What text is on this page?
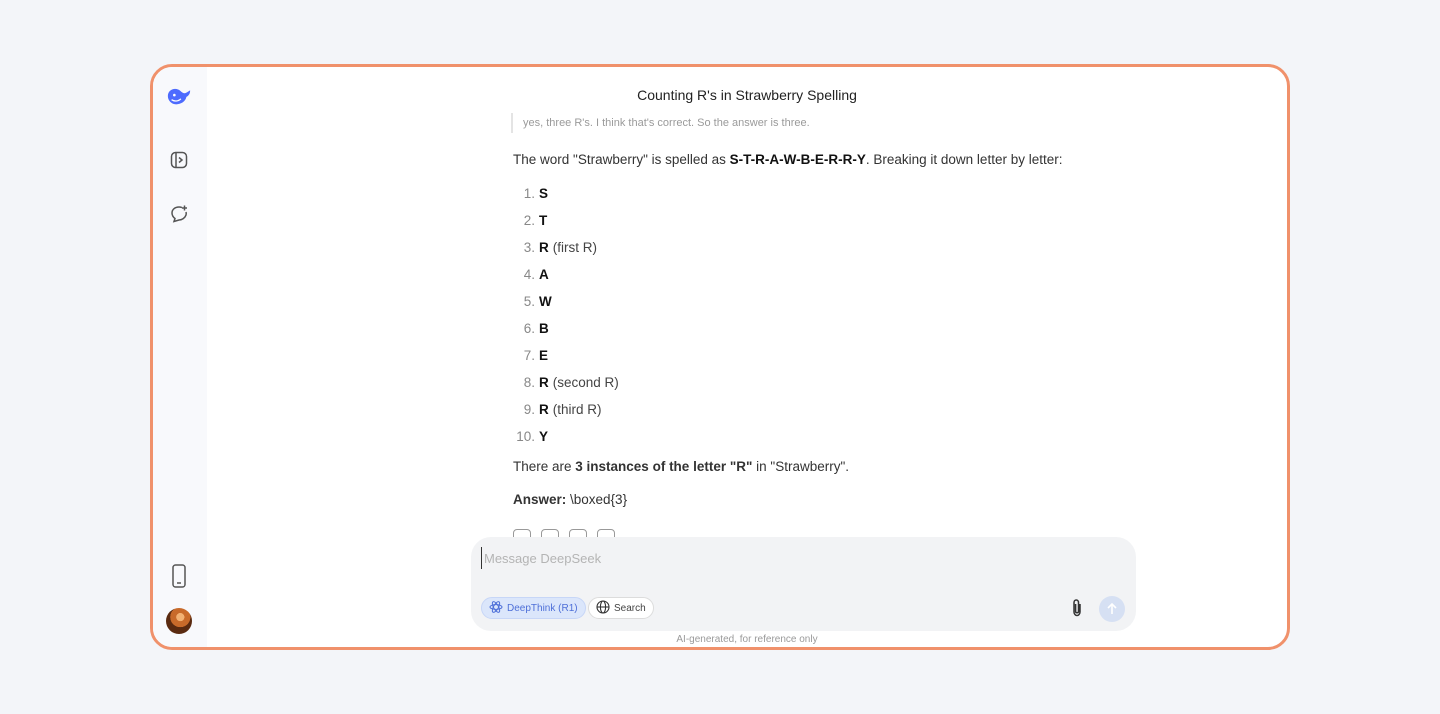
Counting R's in Strawberry Spelling
yes, three R's. I think that's correct. So the answer is three.
The word "Strawberry" is spelled as S-T-R-A-W-B-E-R-R-Y. Breaking it down letter by letter:
1. S
2. T
3. R (first R)
4. A
5. W
6. B
7. E
8. R (second R)
9. R (third R)
10. Y
There are 3 instances of the letter "R" in "Strawberry".
Answer: \boxed{3}
Message DeepSeek
DeepThink (R1)	Search
AI-generated, for reference only
